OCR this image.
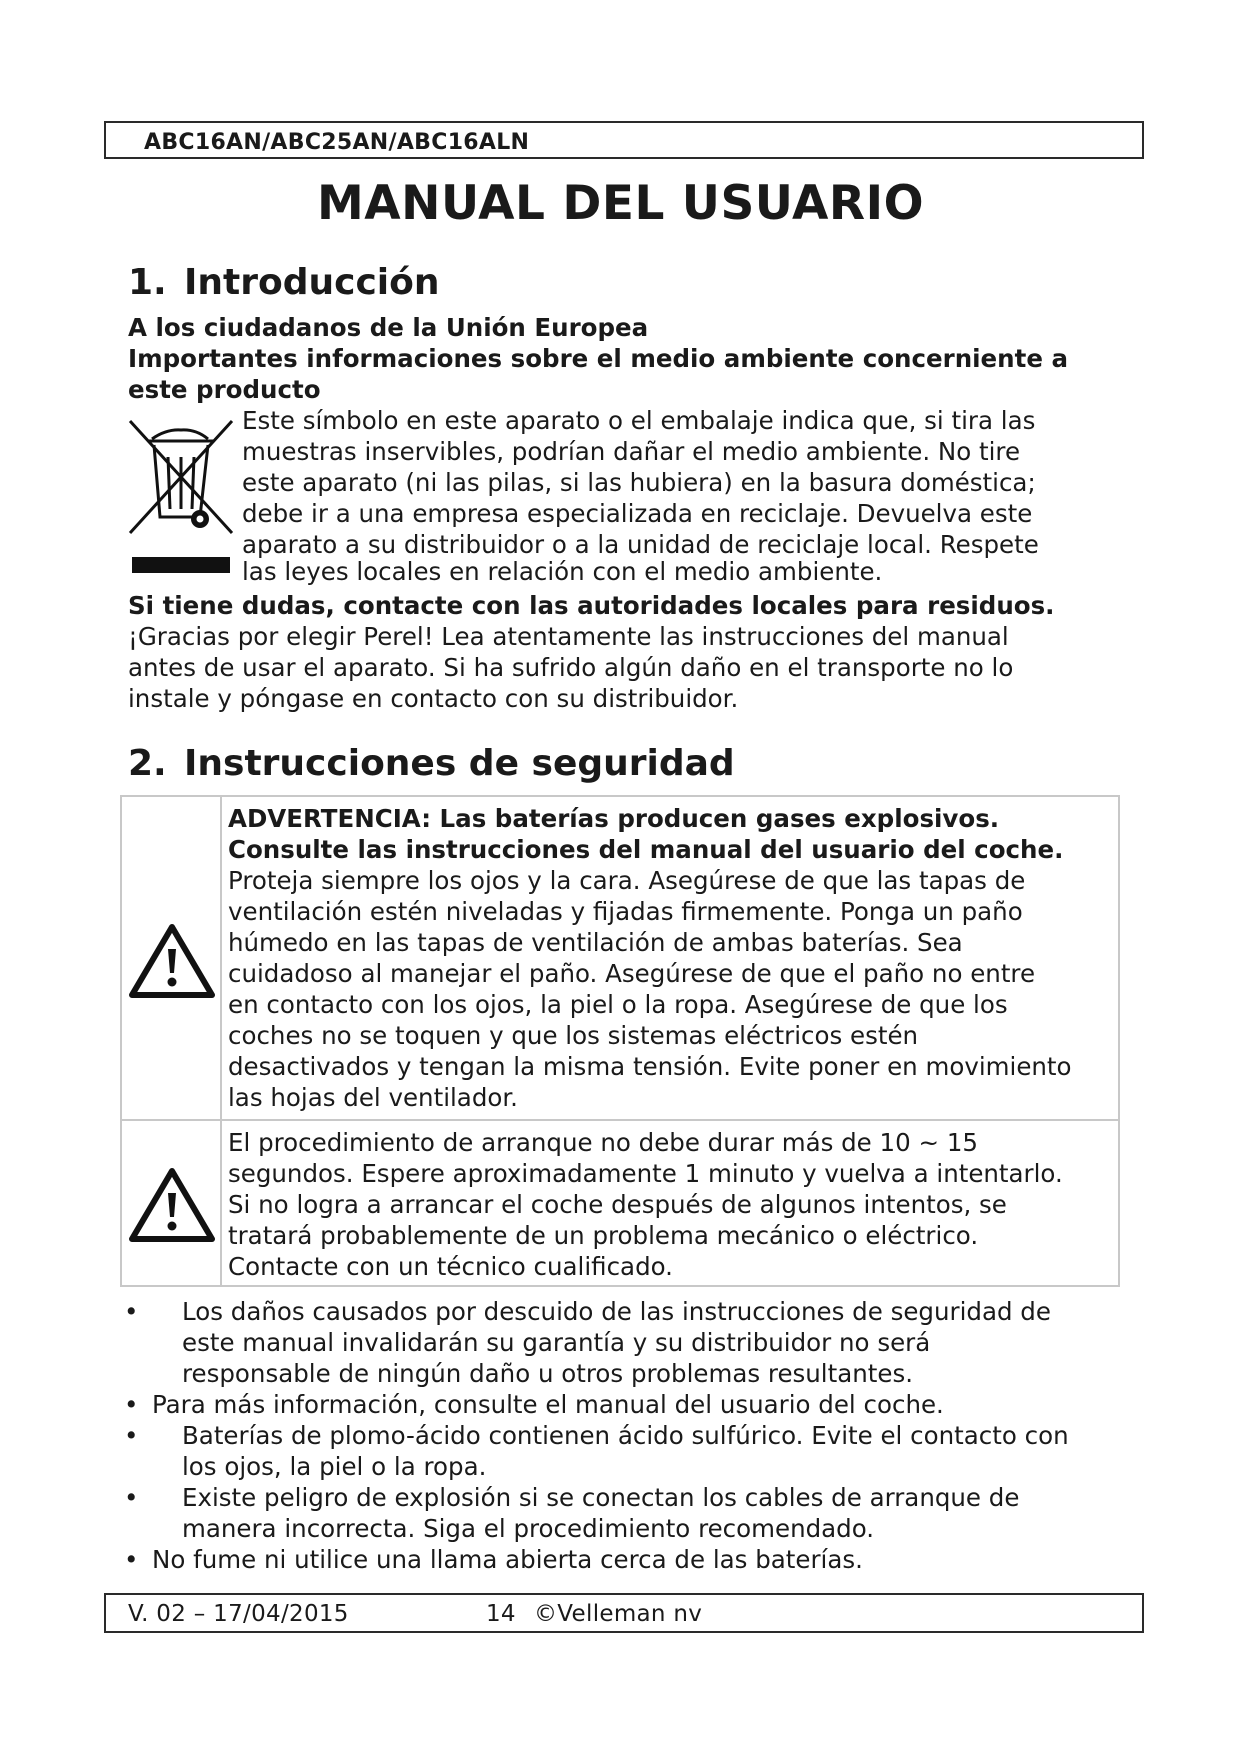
ABC16AN/ABC25AN/ABC16ALN
MANUAL DEL USUARIO
1. Introducción
A los ciudadanos de la Unión Europea
Importantes informaciones sobre el medio ambiente concerniente a
este producto
Este símbolo en este aparato o el embalaje indica que, si tira las
muestras inservibles, podrían dañar el medio ambiente. No tire
este aparato (ni las pilas, si las hubiera) en la basura doméstica;
debe ir a una empresa especializada en reciclaje. Devuelva este
aparato a su distribuidor o a la unidad de reciclaje local. Respete
las leyes locales en relación con el medio ambiente.
Si tiene dudas, contacte con las autoridades locales para residuos.
¡Gracias por elegir Perel! Lea atentamente las instrucciones del manual
antes de usar el aparato. Si ha sufrido algún daño en el transporte no lo
instale y póngase en contacto con su distribuidor.
2. Instrucciones de seguridad

ADVERTENCIA: Las baterías producen gases explosivos.

Consulte las instrucciones del manual del usuario del coche.

Proteja siempre los ojos y la cara. Asegúrese de que las tapas de

ventilación estén niveladas y fijadas firmemente. Ponga un paño

húmedo en las tapas de ventilación de ambas baterías. Sea

cuidadoso al manejar el paño. Asegúrese de que el paño no entre

en contacto con los ojos, la piel o la ropa. Asegúrese de que los

coches no se toquen y que los sistemas eléctricos estén

desactivados y tengan la misma tensión. Evite poner en movimiento

las hojas del ventilador.

El procedimiento de arranque no debe durar más de 10 ~ 15

segundos. Espere aproximadamente 1 minuto y vuelva a intentarlo.

Si no logra a arrancar el coche después de algunos intentos, se

tratará probablemente de un problema mecánico o eléctrico.

Contacte con un técnico cualificado.

• Los daños causados por descuido de las instrucciones de seguridad de
este manual invalidarán su garantía y su distribuidor no será
responsable de ningún daño u otros problemas resultantes.
• Para más información, consulte el manual del usuario del coche.
• Baterías de plomo-ácido contienen ácido sulfúrico. Evite el contacto con
los ojos, la piel o la ropa.
• Existe peligro de explosión si se conectan los cables de arranque de
manera incorrecta. Siga el procedimiento recomendado.
• No fume ni utilice una llama abierta cerca de las baterías.
V. 02 – 17/04/2015	14 ©Velleman nv
